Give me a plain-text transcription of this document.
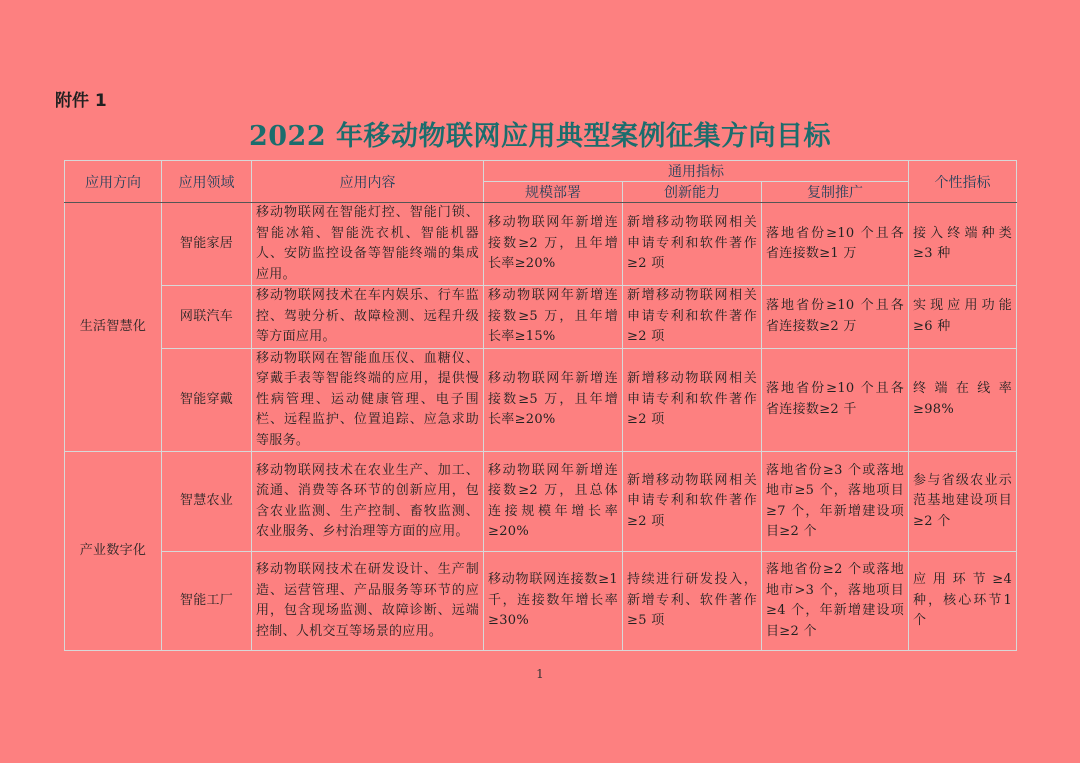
附件 1
2022 年移动物联网应用典型案例征集方向目标
应用方向	应用领域	应用内容	通用指标			个性指标
			规模部署	创新能力	复制推广	
生活智慧化	智能家居	移动物联网在智能灯控、智能门锁、智能冰箱、智能洗衣机、智能机器人、安防监控设备等智能终端的集成应用。	移动物联网年新增连接数≥2 万，且年增长率≥20%	新增移动物联网相关申请专利和软件著作≥2 项	落地省份≥10 个且各省连接数≥1 万	接入终端种类≥3 种
	网联汽车	移动物联网技术在车内娱乐、行车监控、驾驶分析、故障检测、远程升级等方面应用。	移动物联网年新增连接数≥5 万，且年增长率≥15%	新增移动物联网相关申请专利和软件著作≥2 项	落地省份≥10 个且各省连接数≥2 万	实现应用功能≥6 种
	智能穿戴	移动物联网在智能血压仪、血糖仪、穿戴手表等智能终端的应用，提供慢性病管理、运动健康管理、电子围栏、远程监护、位置追踪、应急求助等服务。	移动物联网年新增连接数≥5 万，且年增长率≥20%	新增移动物联网相关申请专利和软件著作≥2 项	落地省份≥10 个且各省连接数≥2 千	终端在线率≥98%
产业数字化	智慧农业	移动物联网技术在农业生产、加工、流通、消费等各环节的创新应用，包含农业监测、生产控制、畜牧监测、农业服务、乡村治理等方面的应用。	移动物联网年新增连接数≥2 万，且总体连接规模年增长率≥20%	新增移动物联网相关申请专利和软件著作≥2 项	落地省份≥3 个或落地地市≥5 个，落地项目≥7 个，年新增建设项目≥2 个	参与省级农业示范基地建设项目≥2 个
	智能工厂	移动物联网技术在研发设计、生产制造、运营管理、产品服务等环节的应用，包含现场监测、故障诊断、远端控制、人机交互等场景的应用。	移动物联网连接数≥1 千，连接数年增长率≥30%	持续进行研发投入，新增专利、软件著作≥5 项	落地省份≥2 个或落地地市>3 个，落地项目≥4 个，年新增建设项目≥2 个	应用环节≥4 种，核心环节1 个
1
